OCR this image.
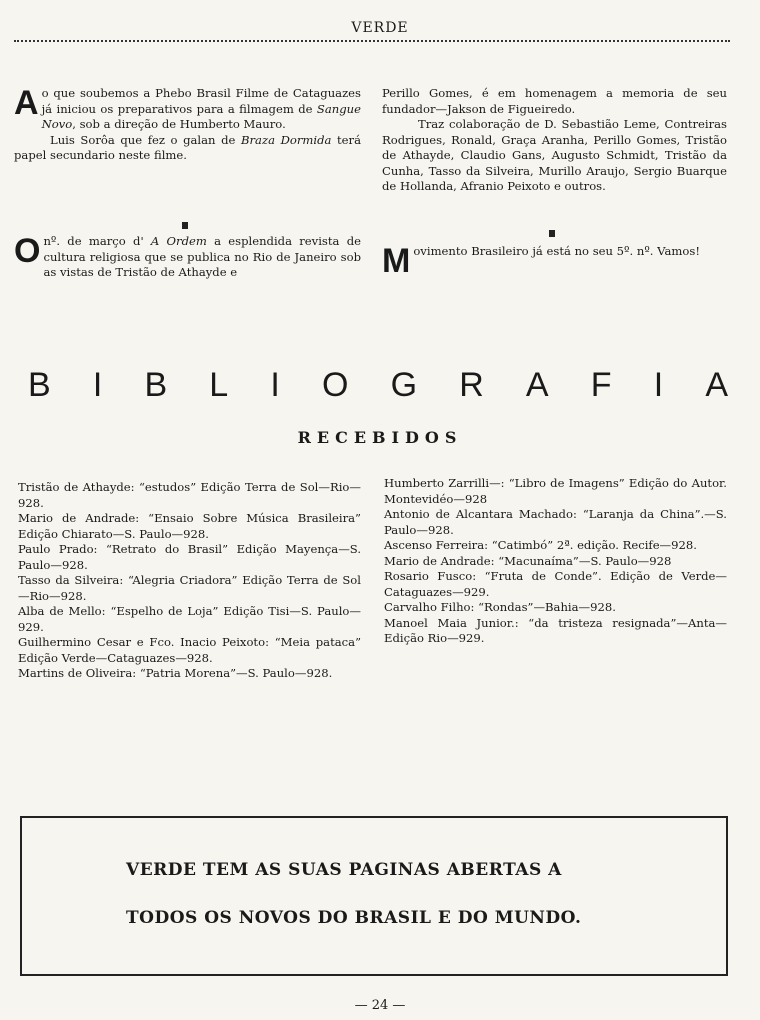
VERDE

Ao que soubemos a Phebo Brasil Filme de Cataguazes já iniciou os preparativos para a filmagem de Sangue Novo, sob a direção de Humberto Mauro.

Luis Sorôa que fez o galan de Braza Dormida terá papel secundario neste filme.

O nº. de março d' A Ordem a esplendida revista de cultura religiosa que se publica no Rio de Janeiro sob as vistas de Tristão de Athayde e

Perillo Gomes, é em homenagem a memoria de seu fundador—Jakson de Figueiredo.

Traz colaboração de D. Sebastião Leme, Contreiras Rodrigues, Ronald, Graça Aranha, Perillo Gomes, Tristão de Athayde, Claudio Gans, Augusto Schmidt, Tristão da Cunha, Tasso da Silveira, Murillo Araujo, Sergio Buarque de Hollanda, Afranio Peixoto e outros.

Movimento Brasileiro já está no seu 5º. nº. Vamos!

B I B L I O G R A F I A
RECEBIDOS

Tristão de Athayde: “estudos” Edição Terra de Sol—Rio—928.

Mario de Andrade: “Ensaio Sobre Música Brasileira” Edição Chiarato—S. Paulo—928.

Paulo Prado: “Retrato do Brasil” Edição Mayença—S. Paulo—928.

Tasso da Silveira: “Alegria Criadora” Edição Terra de Sol—Rio—928.

Alba de Mello: “Espelho de Loja” Edição Tisi—S. Paulo—929.

Guilhermino Cesar e Fco. Inacio Peixoto: “Meia pataca” Edição Verde—Cataguazes—928.

Martins de Oliveira: “Patria Morena”—S. Paulo—928.

Humberto Zarrilli—: “Libro de Imagens” Edição do Autor. Montevidéo—928

Antonio de Alcantara Machado: “Laranja da China”.—S. Paulo—928.

Ascenso Ferreira: “Catimbó” 2ª. edição. Recife—928.

Mario de Andrade: “Macunaíma”—S. Paulo—928

Rosario Fusco: “Fruta de Conde”. Edição de Verde—Cataguazes—929.

Carvalho Filho: “Rondas”—Bahia—928.

Manoel Maia Junior.: “da tristeza resignada”—Anta—Edição Rio—929.

VERDE TEM AS SUAS PAGINAS ABERTAS A
TODOS OS NOVOS DO BRASIL E DO MUNDO.
— 24 —
